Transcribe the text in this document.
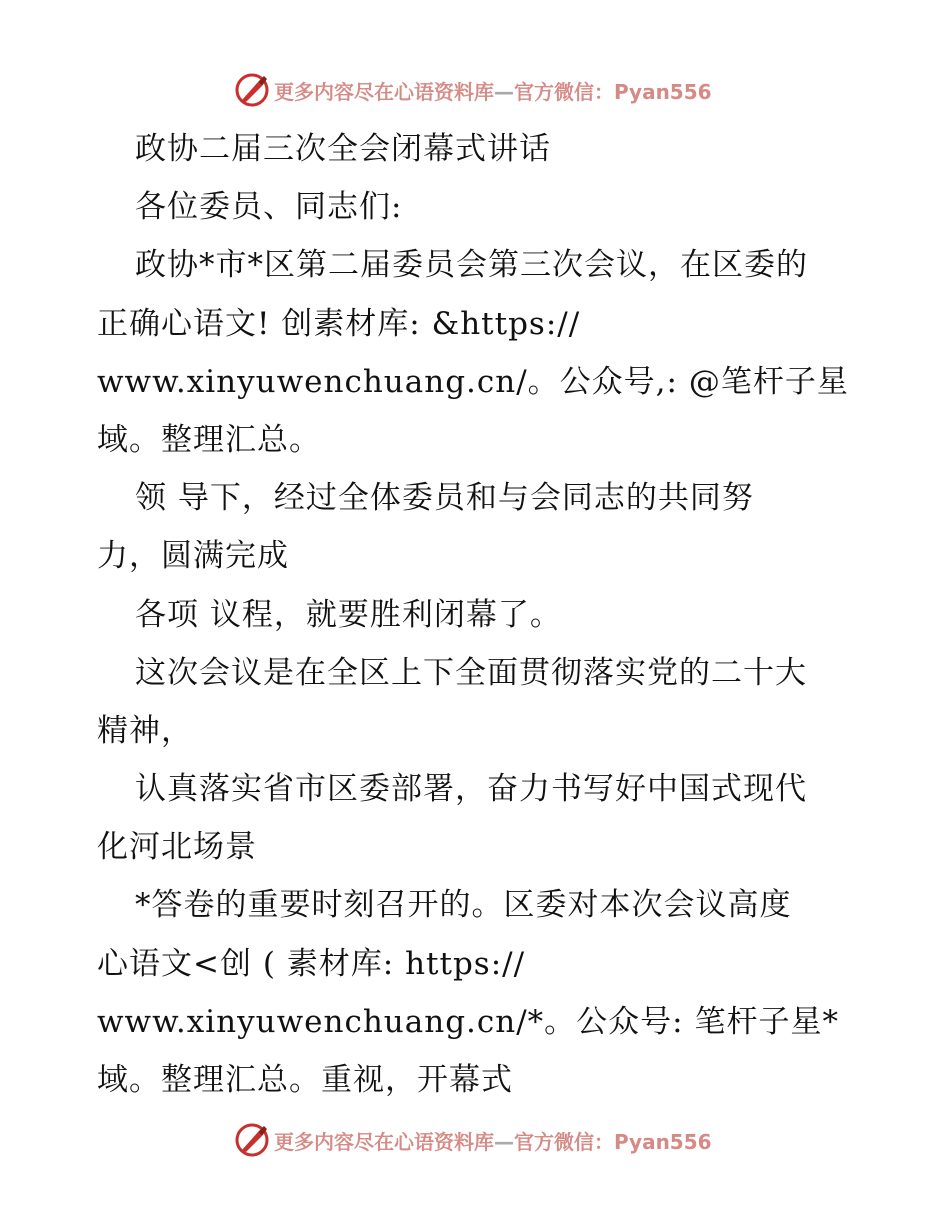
更多内容尽在心语资料库—官方微信：Pyan556
政协二届三次全会闭幕式讲话
各位委员、同志们:
政协*市*区第二届委员会第三次会议，在区委的
正确心语文! 创素材库: &https://
www.xinyuwenchuang.cn/。公众号,: @笔杆子星
域。整理汇总。
领 导下，经过全体委员和与会同志的共同努
力，圆满完成
各项 议程，就要胜利闭幕了。
这次会议是在全区上下全面贯彻落实党的二十大
精神，
认真落实省市区委部署，奋力书写好中国式现代
化河北场景
*答卷的重要时刻召开的。区委对本次会议高度
心语文<创 ( 素材库: https://
www.xinyuwenchuang.cn/*。公众号: 笔杆子星*
域。整理汇总。重视，开幕式
更多内容尽在心语资料库—官方微信：Pyan556
